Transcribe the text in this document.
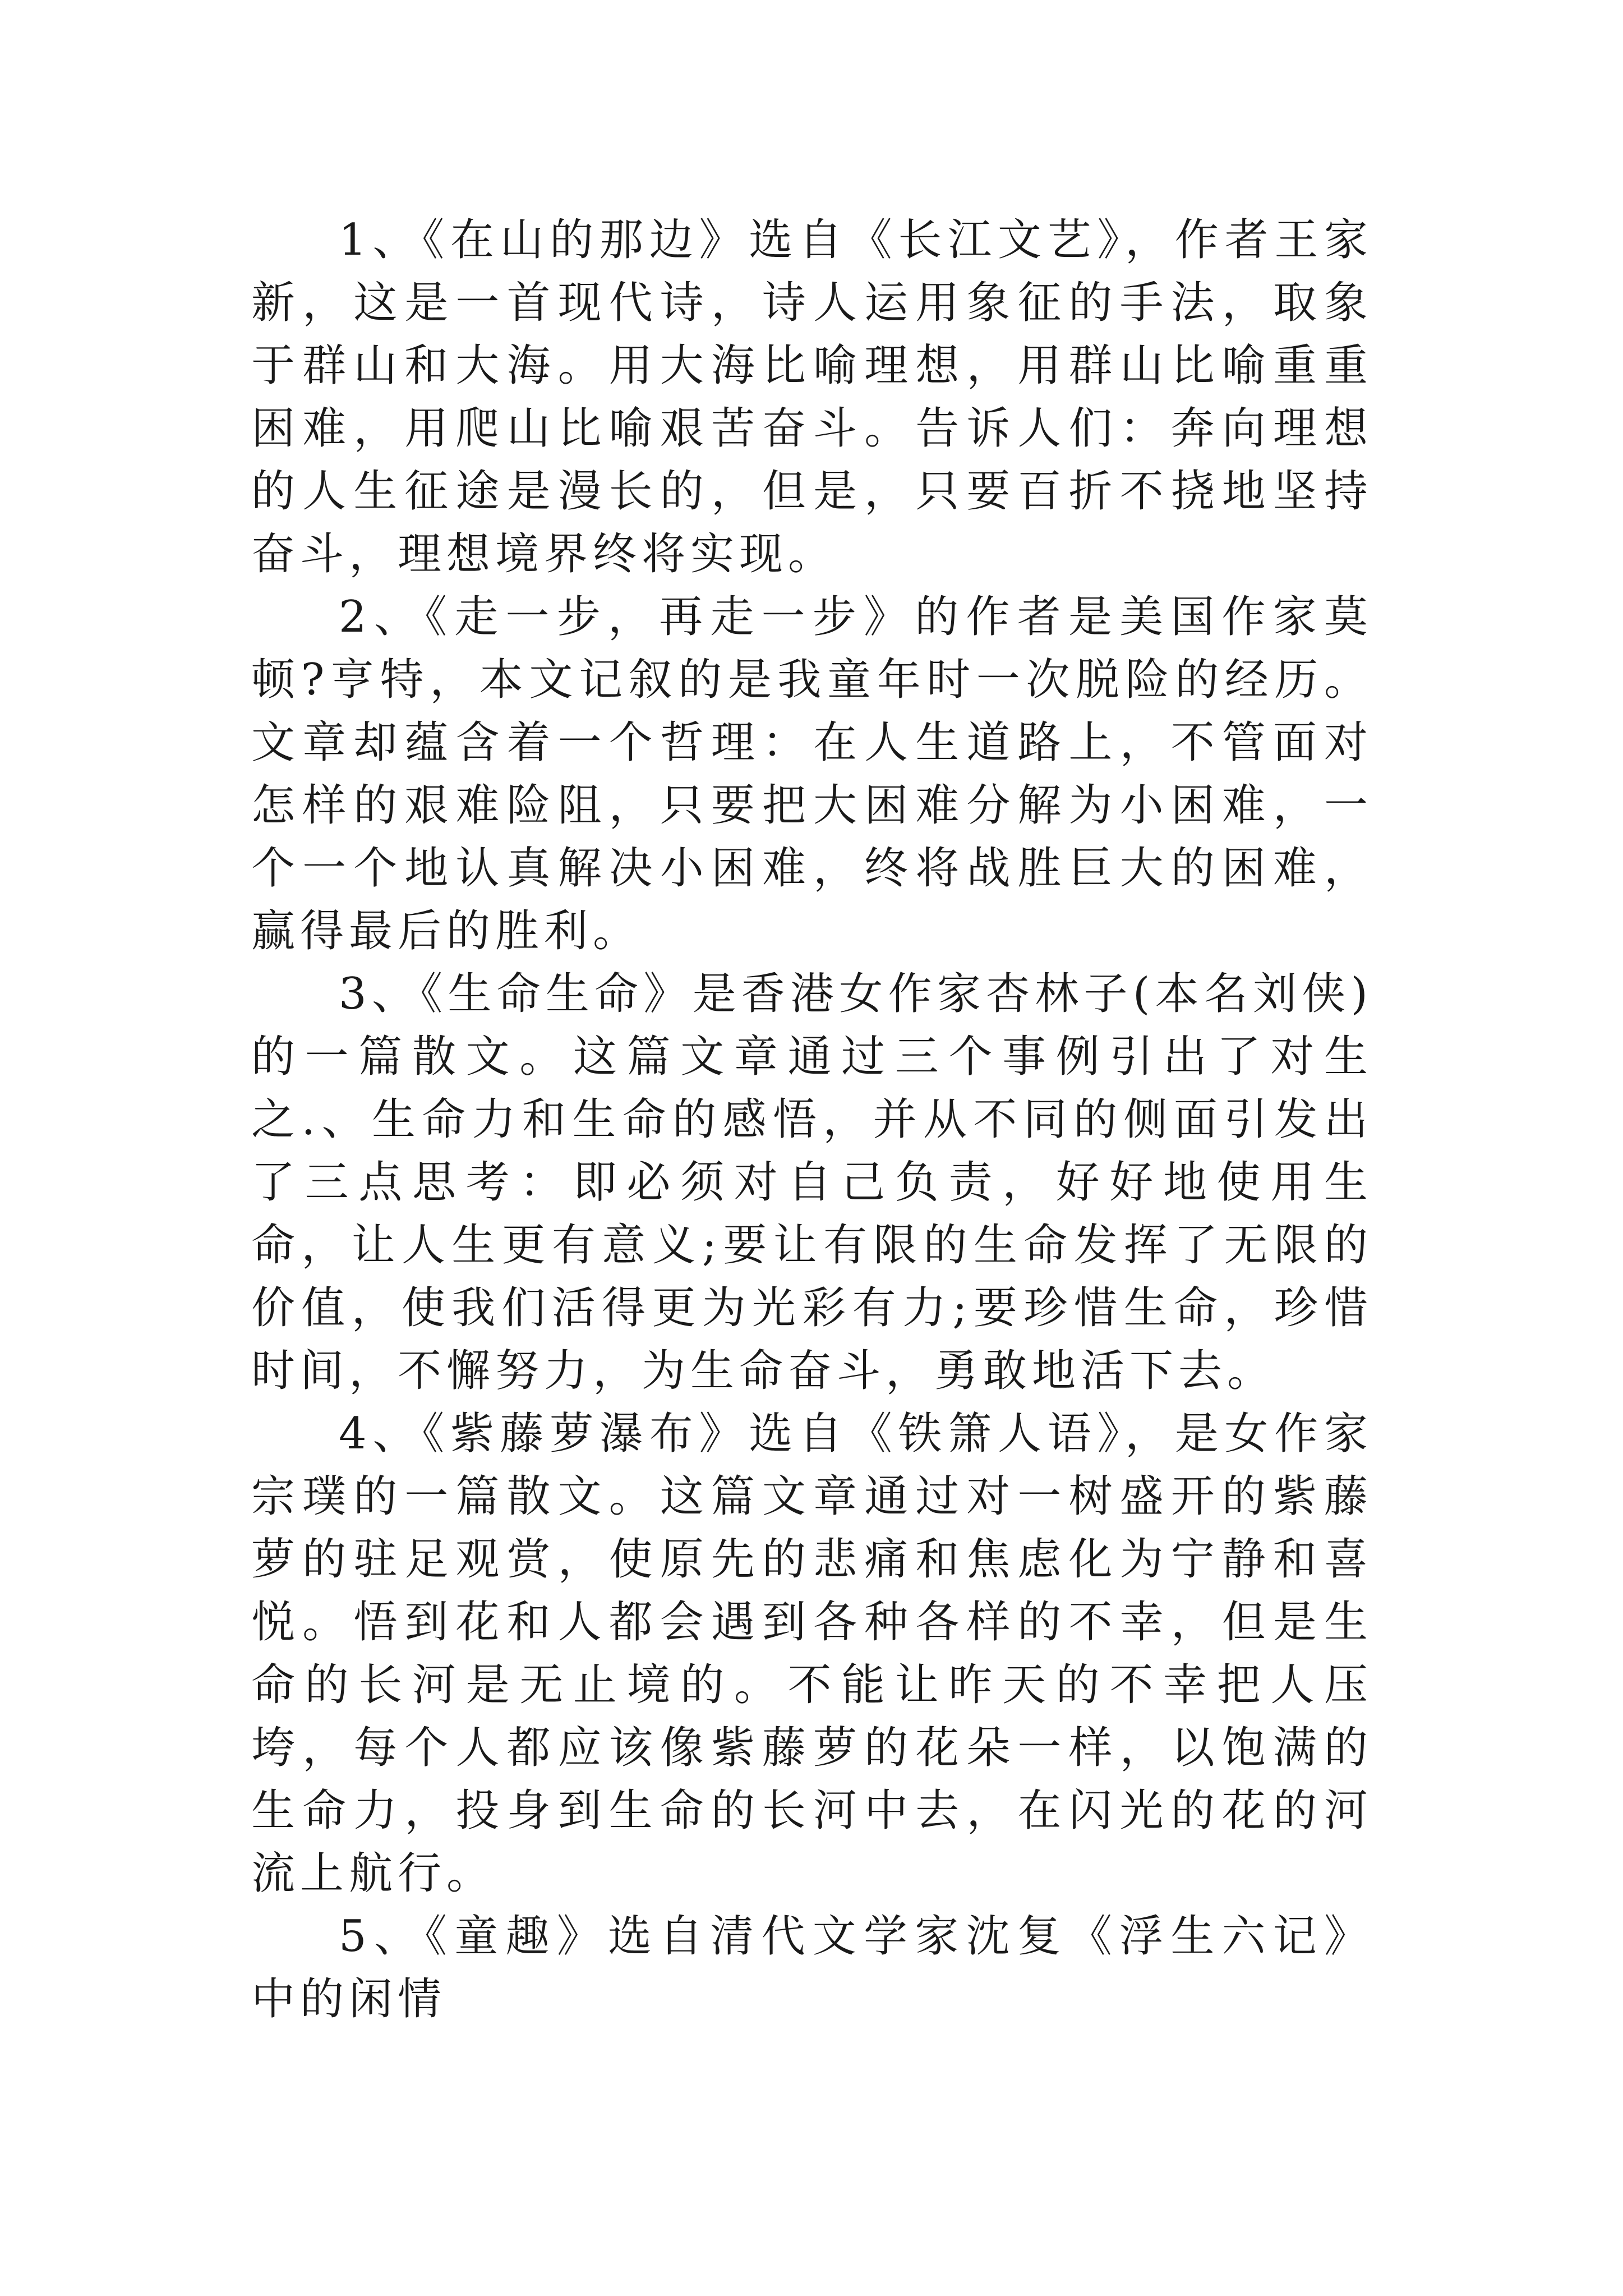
1、《在山的那边》选自《长江文艺》，作者王家新，这是一首现代诗，诗人运用象征的手法，取象于群山和大海。用大海比喻理想，用群山比喻重重困难，用爬山比喻艰苦奋斗。告诉人们：奔向理想的人生征途是漫长的，但是，只要百折不挠地坚持奋斗，理想境界终将实现。

2、《走一步，再走一步》的作者是美国作家莫顿?亨特，本文记叙的是我童年时一次脱险的经历。文章却蕴含着一个哲理：在人生道路上，不管面对怎样的艰难险阻，只要把大困难分解为小困难，一个一个地认真解决小困难，终将战胜巨大的困难，赢得最后的胜利。

3、《生命生命》是香港女作家杏林子(本名刘侠)的一篇散文。这篇文章通过三个事例引出了对生之.、生命力和生命的感悟，并从不同的侧面引发出了三点思考：即必须对自己负责，好好地使用生命，让人生更有意义;要让有限的生命发挥了无限的价值，使我们活得更为光彩有力;要珍惜生命，珍惜时间，不懈努力，为生命奋斗，勇敢地活下去。

4、《紫藤萝瀑布》选自《铁箫人语》，是女作家宗璞的一篇散文。这篇文章通过对一树盛开的紫藤萝的驻足观赏，使原先的悲痛和焦虑化为宁静和喜悦。悟到花和人都会遇到各种各样的不幸，但是生命的长河是无止境的。不能让昨天的不幸把人压垮，每个人都应该像紫藤萝的花朵一样，以饱满的生命力，投身到生命的长河中去，在闪光的花的河流上航行。

5、《童趣》选自清代文学家沈复《浮生六记》中的闲情
